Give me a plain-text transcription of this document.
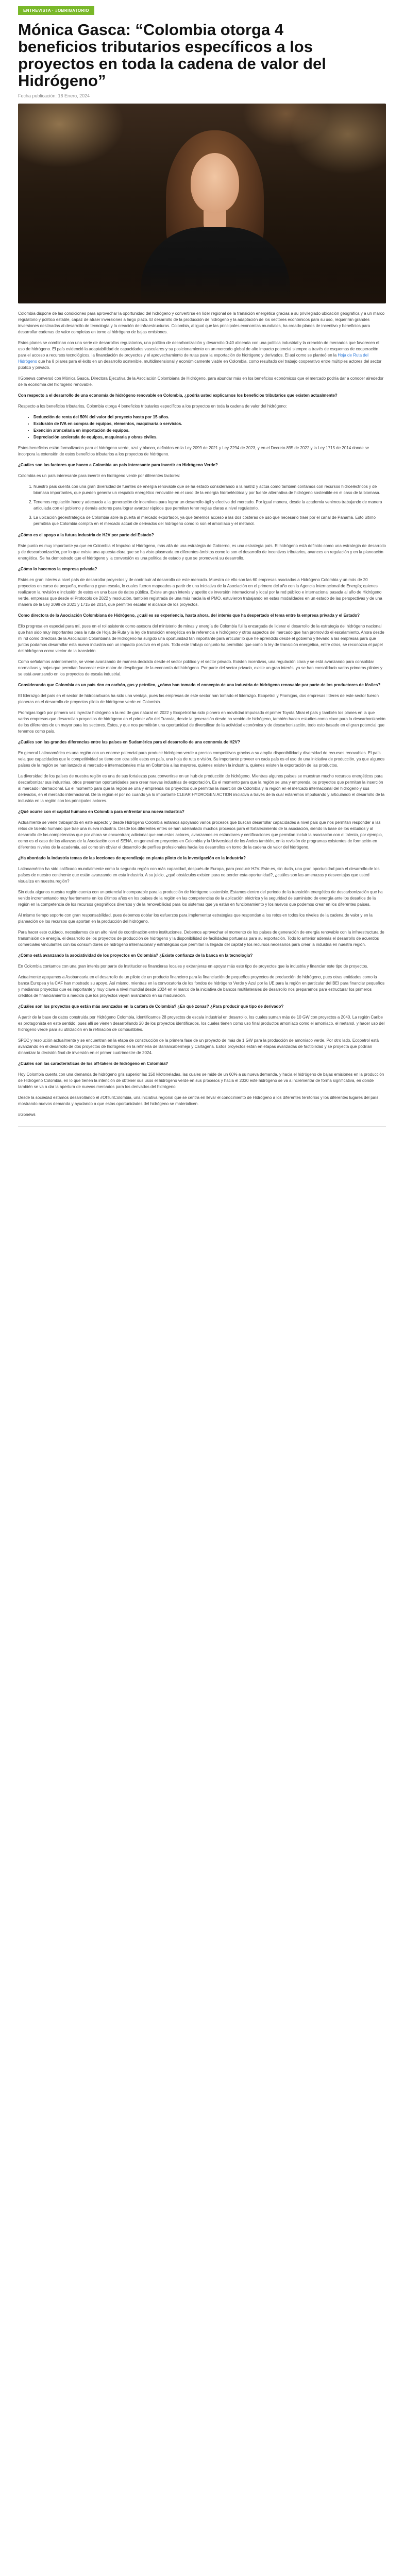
ENTREVISTA · #OBRIGATORIO
Mónica Gasca: “Colombia otorga 4 beneficios tributarios específicos a los proyectos en toda la cadena de valor del Hidrógeno”
Fecha publicación: 16 Enero, 2024

Colombia dispone de las condiciones para aprovechar la oportunidad del hidrógeno y convertirse en líder regional de la transición energética gracias a su privilegiado ubicación geográfica y a un marco regulatorio y político estable, capaz de atraer inversiones a largo plazo. El desarrollo de la producción de hidrógeno y la adaptación de los sectores económicos para su uso, requerirán grandes inversiones destinadas al desarrollo de tecnología y la creación de infraestructuras. Colombia, al igual que las principales economías mundiales, ha creado planes de incentivo y beneficios para desarrollar cadenas de valor completas en torno al hidrógeno de bajas emisiones.

Estos planes se combinan con una serie de desarrollos regulatorios, una política de decarbonización y desarrollo 0-40 alineada con una política industrial y la creación de mercados que favorecen el uso de hidrógeno. El país evidenció la adaptabilidad de capacidades vasculares y su posicionamiento en un mercado global de alto impacto potencial siempre a través de esquemas de cooperación para el acceso a recursos tecnológicos, la financiación de proyectos y el aprovechamiento de rutas para la exportación de hidrógeno y derivados. El así como se planteó en la Hoja de Ruta del Hidrógeno que ha 8 pilares para el éxito en un desarrollo sostenible, multidimensional y económicamente viable en Colombia, como resultado del trabajo cooperativo entre múltiples actores del sector público y privado.

#Gbnews conversó con Mónica Gasca, Directora Ejecutiva de la Asociación Colombiana de Hidrógeno, para abundar más en los beneficios económicos que el mercado podría dar a conocer alrededor de la economía del hidrógeno renovable.

Con respecto a el desarrollo de una economía de hidrógeno renovable en Colombia, ¿podría usted explicarnos los beneficios tributarios que existen actualmente?

Respecto a los beneficios tributarios, Colombia otorga 4 beneficios tributarios específicos a los proyectos en toda la cadena de valor del hidrógeno:

• Deducción de renta del 50% del valor del proyecto hasta por 15 años.
• Exclusión de IVA en compra de equipos, elementos, maquinaria o servicios.
• Exención arancelaria en importación de equipos.
• Depreciación acelerada de equipos, maquinaria y obras civiles.

Estos beneficios están formalizados para el hidrógeno verde, azul y blanco, definidos en la Ley 2099 de 2021 y Ley 2294 de 2023, y en el Decreto 895 de 2022 y la Ley 1715 de 2014 donde se incorpora la extensión de estos beneficios tributarios a los proyectos de hidrógeno.

¿Cuáles son las factores que hacen a Colombia un país interesante para invertir en Hidrógeno Verde?

Colombia es un país interesante para invertir en hidrógeno verde por diferentes factores:

1. Nuestro país cuenta con una gran diversidad de fuentes de energía renovable que se ha estado considerando a la matriz y actúa como también contamos con recursos hidroeléctricos y de biomasa importantes, que pueden generar un respaldo energético renovable en el caso de la energía hidroeléctrica y por fuente alternativa de hidrógeno sostenible en el caso de la biomasa.
2. Tenemos regulación hace y adecuada a la generación de incentivos para lograr un desarrollo ágil y efectivo del mercado. Por igual manera, desde la academia venimos trabajando de manera articulada con el gobierno y demás actores para lograr avanzar rápidos que permitan tener reglas claras a nivel regulatorio.
3. La ubicación geoestratégica de Colombia abre la puerta al mercado exportador, ya que tenemos acceso a las dos costeras de uso que necesario traer por el canal de Panamá. Esto último permitiría que Colombia compita en el mercado actual de derivados del hidrógeno como lo son el amoníaco y el metanol.

¿Cómo es el apoyo a la futura industria de H2V por parte del Estado?

Este punto es muy importante ya que en Colombia el Impulso al Hidrógeno, más allá de una estrategia de Gobierno, es una estrategia país. El hidrógeno está definido como una estrategia de desarrollo y de descarbonización, por lo que existe una apuesta clara que se ha visto plasmada en diferentes ámbitos como lo son el desarrollo de incentivos tributarios, avances en regulación y en la planeación energética. Se ha demostrado que el hidrógeno y la conversión es una política de estado y que se promoverá su desarrollo.

¿Cómo lo hacemos la empresa privada?

Estás en gran interés a nivel país de desarrollar proyectos y de contribuir al desarrollo de este mercado. Muestra de ello son las 60 empresas asociadas a Hidrógeno Colombia y un más de 20 proyectos en curso de pequeña, mediana y gran escala, lo cuales fueron mapeados a partir de una iniciativa de la Asociación en el primero del año con la Agencia Internacional de Energía; quienes realizaron la revisión e inclusión de estos en una base de datos pública. Existe un gran interés y apetito de inversión internacional y local por la red público e internacional pasada al año de Hidrógeno verde, empresas que desde el Protocolo de 2022 y resolución, también registrada de una más hacia la el PMO, estuvieron trabajando en estas modalidades en un estado de las perspectivas y de una manera de la Ley 2099 de 2021 y 1715 de 2014, que permiten escalar el alcance de los proyectos.

Como directora de la Asociación Colombiana de Hidrógeno, ¿cuál es su experiencia, hasta ahora, del interés que ha despertado el tema entre la empresa privada y el Estado?

Ello progresa en especial para mí, pues en el rol asistente como asesora del ministerio de minas y energía de Colombia fui la encargada de liderar el desarrollo de la estrategia del hidrógeno nacional que han sido muy importantes para la ruta de Hoja de Ruta y la ley de transición energética en la referencia e hidrógeno y otros aspectos del mercado que han promovido el escalamiento. Ahora desde mi rol como directora de la Asociación Colombiana de Hidrógeno ha surgido una oportunidad tan importante para articular lo que he aprendido desde el gobierno y llevarlo a las empresas para que juntos podamos desarrollar esta nueva industria con un impacto positivo en el país. Todo este trabajo conjunto ha permitido que como la ley de transición energética, entre otros, se reconozca el papel del hidrógeno como vector de la transición.

Como señalamos anteriormente, se viene avanzando de manera decidida desde el sector público y el sector privado. Existen incentivos, una regulación clara y se está avanzando para consolidar normativas y hojas que permitan favorecer este motor de despliegue de la economía del hidrógeno. Por parte del sector privado, existe un gran interés, ya se han consolidado varios primeros pilotos y se está avanzando en los proyectos de escala industrial.

Considerando que Colombia es un país rico en carbón, gas y petróleo, ¿cómo han tomado el concepto de una industria de hidrógeno renovable por parte de los productores de fósiles?

El liderazgo del país en el sector de hidrocarburos ha sido una ventaja, pues las empresas de este sector han tomado el liderazgo. Ecopetrol y Promigas, dos empresas líderes de este sector fueron pioneras en el desarrollo de proyectos piloto de hidrógeno verde en Colombia.

Promigas logró por primera vez inyectar hidrógeno a la red de gas natural en 2022 y Ecopetrol ha sido pionero en movilidad impulsado el primer Toyota Mirai el país y también los planes en la que varias empresas que desarrollan proyectos de hidrógeno en el primer año del Tranvía, desde la generación desde ha venido de hidrógeno, también hacen estudios como clave para la descarbonización de los diferentes de un mayor para los sectores. Estos, y que nos permitirán una oportunidad de diversificar de la actividad económica y de descarbonización, todo esto basado en el gran potencial que tenemos como país.

¿Cuáles son las grandes diferencias entre las países en Sudamérica para el desarrollo de una economía de H2V?

En general Latinoamérica es una región con un enorme potencial para producir hidrógeno verde a precios competitivos gracias a su amplia disponibilidad y diversidad de recursos renovables. El país vela que capacidades que le competitividad se tiene con otra sólo estos en país, una hoja de ruta o visión. Su importante proveer en cada país es el uso de una iniciativa de producción, ya que algunos países de la región se han lanzado al mercado e internacionales más en Colombia a las mayores, quienes existen la industria, quienes existen la exportación de las productos.

La diversidad de los países de nuestra región es una de sus fortalezas para convertirse en un hub de producción de hidrógeno. Mientras algunos países se muestran mucho recursos energéticos para descarbonizar sus industrias, otros presentan oportunidades para crear nuevas industrias de exportación. Es el momento para que la región se una y emprenda los proyectos que permitan la inserción al mercado internacional. Es el momento para que la región se una y emprenda los proyectos que permitan la inserción de Colombia y la región en el mercado internacional del hidrógeno y sus derivados, en el mercado internacional. De la región el por no cuando ya lo importante CLEAR HYDROGEN ACTION iniciativa a través de la cual estaremos impulsando y articulando el desarrollo de la industria en la región con los principales actores.

¿Qué ocurre con el capital humano en Colombia para enfrentar una nueva industria?

Actualmente se viene trabajando en este aspecto y desde Hidrógeno Colombia estamos apoyando varios procesos que buscan desarrollar capacidades a nivel país que nos permitan responder a las retos de talento humano que trae una nueva industria. Desde los diferentes entes se han adelantado muchos procesos para el fortalecimiento de la asociación, siendo la base de los estudios y al desarrollo de las competencias que por ahora se encuentran; adicional que con estos actores, avanzamos en estándares y certificaciones que permitan incluir la asociación con el talento, por ejemplo, como es el caso de las alianzas de la Asociación con el SENA, en general en proyectos en Colombia y la Universidad de los Andes también, en la revisión de programas existentes de formación en diferentes niveles de la academia, así como sin obviar el desarrollo de perfiles profesionales hacia los desarrollos en torno de la cadena de valor del hidrógeno.

¿Ha abordado la industria temas de las lecciones de aprendizaje en planta piloto de la investigación en la industria?

Latinoamérica ha sido calificado mundialmente como la segunda región con más capacidad, después de Europa, para producir H2V. Este es, sin duda, una gran oportunidad para el desarrollo de los países de nuestro continente que están avanzando en esta industria. A su juicio, ¿qué obstáculos existen para no perder esta oportunidad?, ¿cuáles son las amenazas y desventajas que usted visualiza en nuestra región?

Sin duda algunos nuestra región cuenta con un potencial incomparable para la producción de hidrógeno sostenible. Estamos dentro del periodo de la transición energética de descarbonización que ha venido incrementando muy fuertemente en los últimos años en los países de la región en las competencias de la aplicación eléctrica y la seguridad de suministro de energía ante los desafíos de la región en la competencia de los recursos geográficos diversos y de la renovabilidad para los sistemas que ya están en funcionamiento y los nuevos que podemos crear en los diferentes países.

Al mismo tiempo soporte con gran responsabilidad, pues debemos doblar los esfuerzos para implementar estrategias que respondan a los retos en todos los niveles de la cadena de valor y en la planeación de los recursos que aportan en la producción del hidrógeno.

Para hacer este cuidado, necesitamos de un alto nivel de coordinación entre instituciones. Debemos aprovechar el momento de los países de generación de energía renovable con la infraestructura de transmisión de energía, el desarrollo de los proyectos de producción de hidrógeno y la disponibilidad de facilidades portuarias para su exportación. Todo lo anterior además el desarrollo de acuerdos comerciales vinculantes con los consumidores de hidrógeno internacional y estratégicos que permitan la llegada del capital y los recursos necesarios para crear la industria en nuestra región.

¿Cómo está avanzando la asociatividad de los proyectos en Colombia? ¿Existe confianza de la banca en la tecnología?

En Colombia contamos con una gran interés por parte de Instituciones financieras locales y extranjeras en apoyar más este tipo de proyectos que la industria y financiar este tipo de proyectos.

Actualmente apoyamos a Asobancaria en el desarrollo de un piloto de un producto financiero para la financiación de pequeños proyectos de producción de hidrógeno, pues otras entidades como la banca Europea y la CAF han mostrado su apoyo. Así mismo, mientras en la convocatoria de los fondos de hidrógeno Verde y Azul por la UE para la región en particular del BEI para financiar pequeños y medianos proyectos que es importante y muy clave a nivel mundial desde 2024 en el marco de la iniciativa de bancos multilaterales de desarrollo nos preparamos para estructurar los primeros créditos de financiamiento a medida que los proyectos vayan avanzando en su maduración.

¿Cuáles son los proyectos que están más avanzados en la cartera de Colombia? ¿En qué zonas? ¿Para producir qué tipo de derivado?

A partir de la base de datos construida por Hidrógeno Colombia, identificamos 28 proyectos de escala industrial en desarrollo, los cuales suman más de 10 GW con proyectos a 2040. La región Caribe es protagonista en este sentido, pues allí se vienen desarrollando 20 de los proyectos identificados, los cuales tienen como uso final productos amoníaco como el amoníaco, el metanol, y hacer uso del hidrógeno verde para su utilización en la refinación de combustibles.

SPEC y resolución actualmente y se encuentran en la etapa de construcción de la primera fase de un proyecto de más de 1 GW para la producción de amoníaco verde. Por otro lado, Ecopetrol está avanzando en el desarrollo de dos proyectos de hidrógeno en la refinería de Barrancabermeja y Cartagena. Estos proyectos están en etapas avanzadas de factibilidad y se proyecta que podrían dinamizar la decisión final de inversión en el primer cuatrimestre de 2024.

¿Cuáles son las características de los off-takers de hidrógeno en Colombia?

Hoy Colombia cuenta con una demanda de hidrógeno gris superior las 150 kilotoneladas, las cuales se mide de un 60% a su nueva demanda, y hacia el hidrógeno de bajas emisiones en la producción de Hidrógeno Colombia, en lo que tienen la intención de obtener sus usos el hidrógeno verde en sus procesos y hacia el 2030 este hidrógeno se va a incrementar de forma significativa, en donde también se va a dar la apertura de nuevos mercados para los derivados del hidrógeno.

Desde la sociedad estamos desarrollando el #OfTuriColombia, una iniciativa regional que se centra en llevar el conocimiento de Hidrógeno a los diferentes territorios y los diferentes lugares del país, mostrando nuevos demanda y ayudando a que estas oportunidades del hidrógeno se materialicen.

#Gbnews
